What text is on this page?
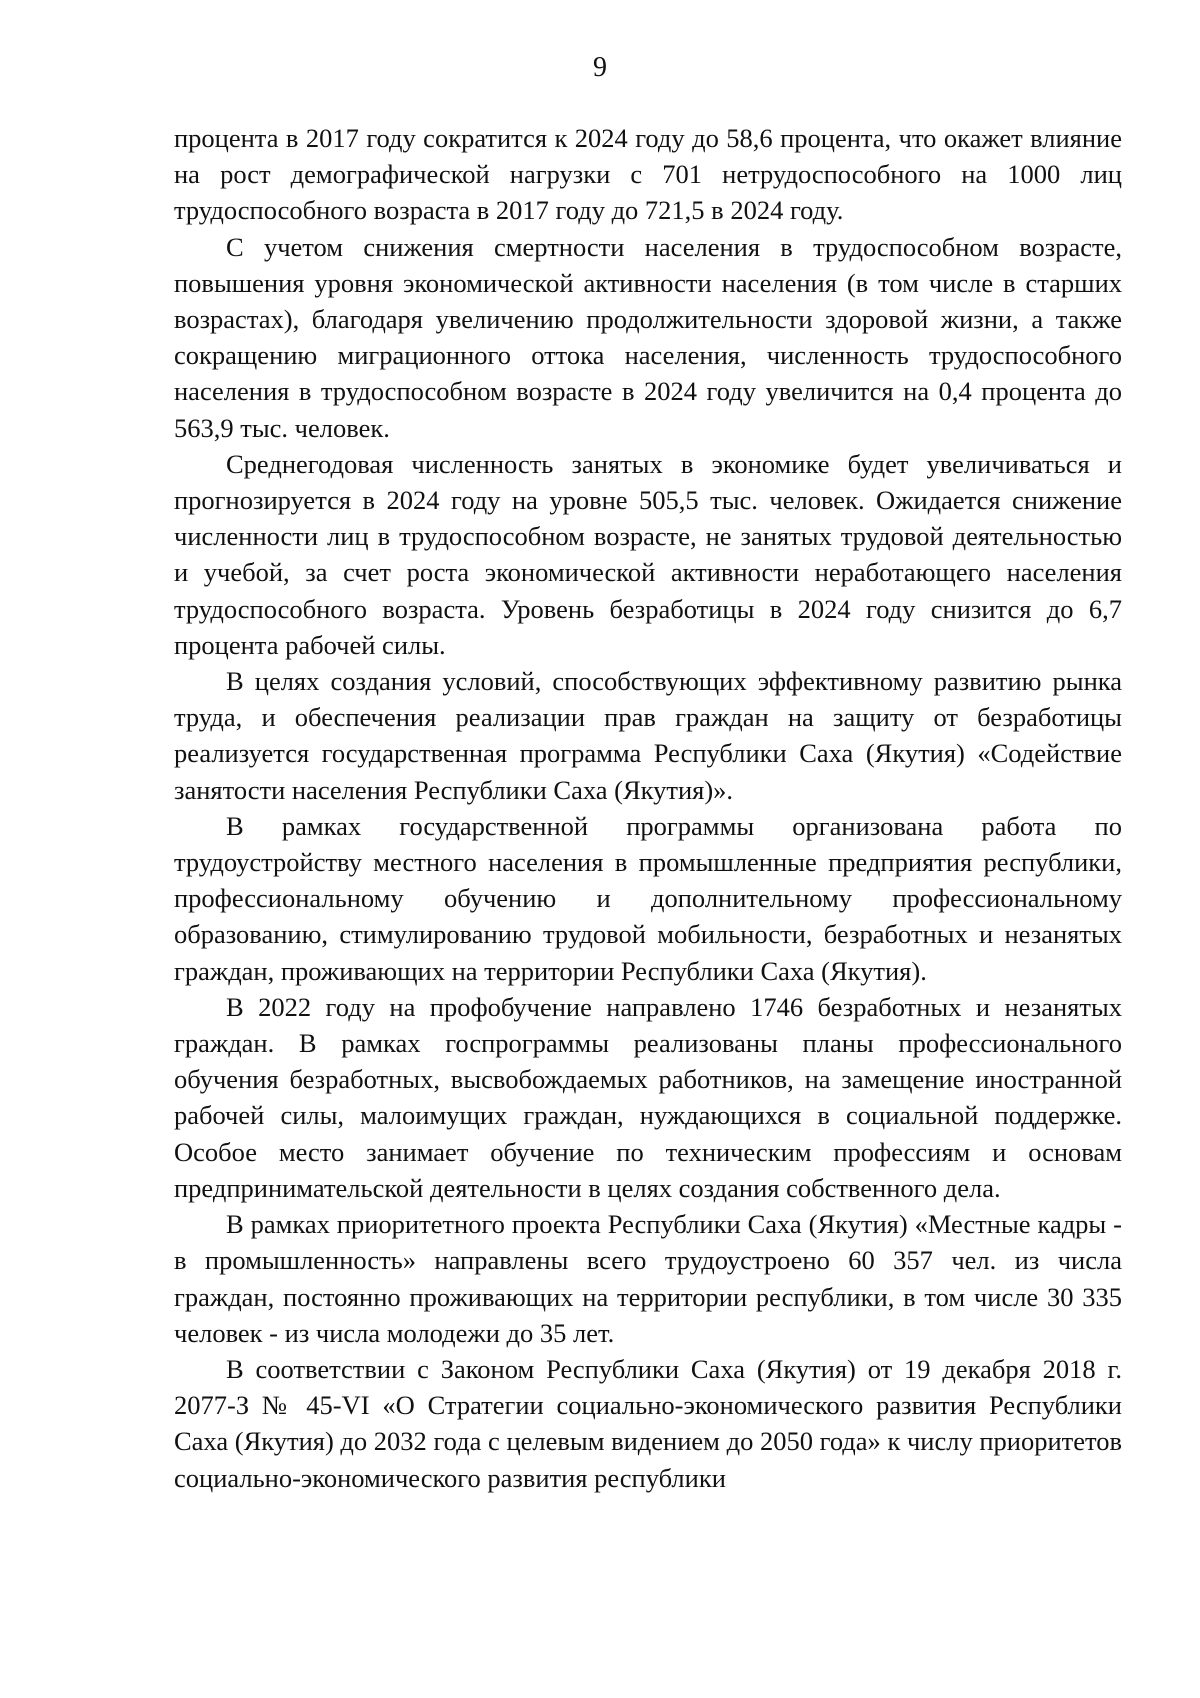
9

процента в 2017 году сократится к 2024 году до 58,6 процента, что окажет влияние на рост демографической нагрузки с 701 нетрудоспособного на 1000 лиц трудоспособного возраста в 2017 году до 721,5 в 2024 году.

С учетом снижения смертности населения в трудоспособном возрасте, повышения уровня экономической активности населения (в том числе в старших возрастах), благодаря увеличению продолжительности здоровой жизни, а также сокращению миграционного оттока населения, численность трудоспособного населения в трудоспособном возрасте в 2024 году увеличится на 0,4 процента до 563,9 тыс. человек.

Среднегодовая численность занятых в экономике будет увеличиваться и прогнозируется в 2024 году на уровне 505,5 тыс. человек. Ожидается снижение численности лиц в трудоспособном возрасте, не занятых трудовой деятельностью и учебой, за счет роста экономической активности неработающего населения трудоспособного возраста. Уровень безработицы в 2024 году снизится до 6,7 процента рабочей силы.

В целях создания условий, способствующих эффективному развитию рынка труда, и обеспечения реализации прав граждан на защиту от безработицы реализуется государственная программа Республики Саха (Якутия) «Содействие занятости населения Республики Саха (Якутия)».

В рамках государственной программы организована работа по трудоустройству местного населения в промышленные предприятия республики, профессиональному обучению и дополнительному профессиональному образованию, стимулированию трудовой мобильности, безработных и незанятых граждан, проживающих на территории Республики Саха (Якутия).

В 2022 году на профобучение направлено 1746 безработных и незанятых граждан. В рамках госпрограммы реализованы планы профессионального обучения безработных, высвобождаемых работников, на замещение иностранной рабочей силы, малоимущих граждан, нуждающихся в социальной поддержке. Особое место занимает обучение по техническим профессиям и основам предпринимательской деятельности в целях создания собственного дела.

В рамках приоритетного проекта Республики Саха (Якутия) «Местные кадры - в промышленность» направлены всего трудоустроено 60 357 чел. из числа граждан, постоянно проживающих на территории республики, в том числе 30 335 человек - из числа молодежи до 35 лет.

В соответствии с Законом Республики Саха (Якутия) от 19 декабря 2018 г. 2077-З № 45-VI «О Стратегии социально-экономического развития Республики Саха (Якутия) до 2032 года с целевым видением до 2050 года» к числу приоритетов социально-экономического развития республики
